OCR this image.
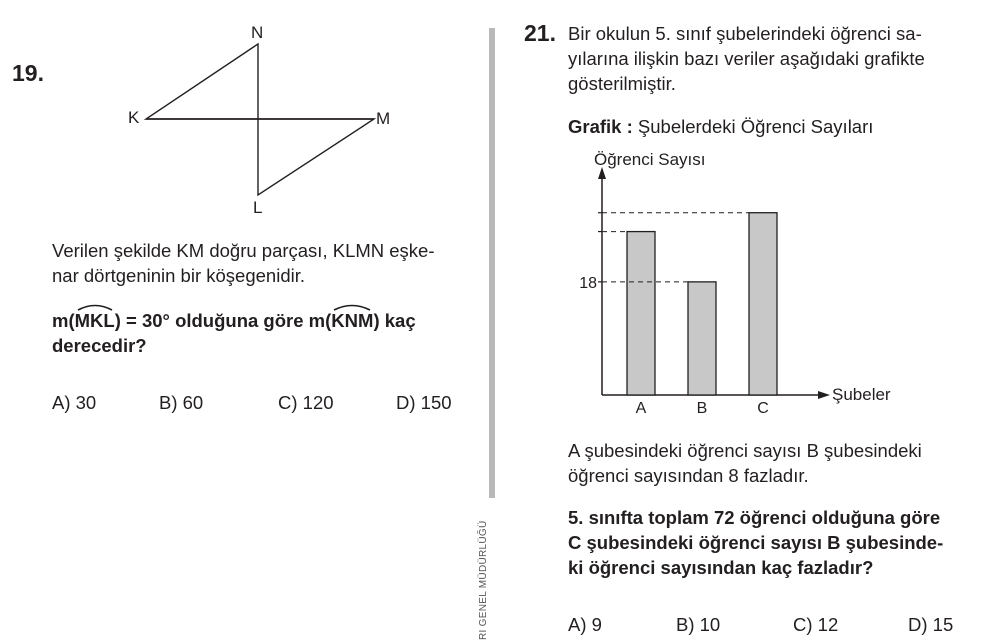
19.
N
K	M
L
Verilen şekilde KM doğru parçası, KLMN eşke-
nar dörtgeninin bir köşegenidir.
m(
MKL) = 30° olduğuna göre m(
KNM) kaç
derecedir?
A) 30	B) 60	C) 120	D) 150
RI GENEL MÜDÜRLÜĞÜ
21. Bir okulun 5. sınıf şubelerindeki öğrenci sa-
yılarına ilişkin bazı veriler aşağıdaki grafikte
gösterilmiştir.
Grafik : Şubelerdeki Öğrenci Sayıları
Öğrenci Sayısı
Şubeler
A	B	C
18
A şubesindeki öğrenci sayısı B şubesindeki
öğrenci sayısından 8 fazladır.
5. sınıfta toplam 72 öğrenci olduğuna göre
C şubesindeki öğrenci sayısı B şubesinde-
ki öğrenci sayısından kaç fazladır?
A) 9	B) 10	C) 12	D) 15
